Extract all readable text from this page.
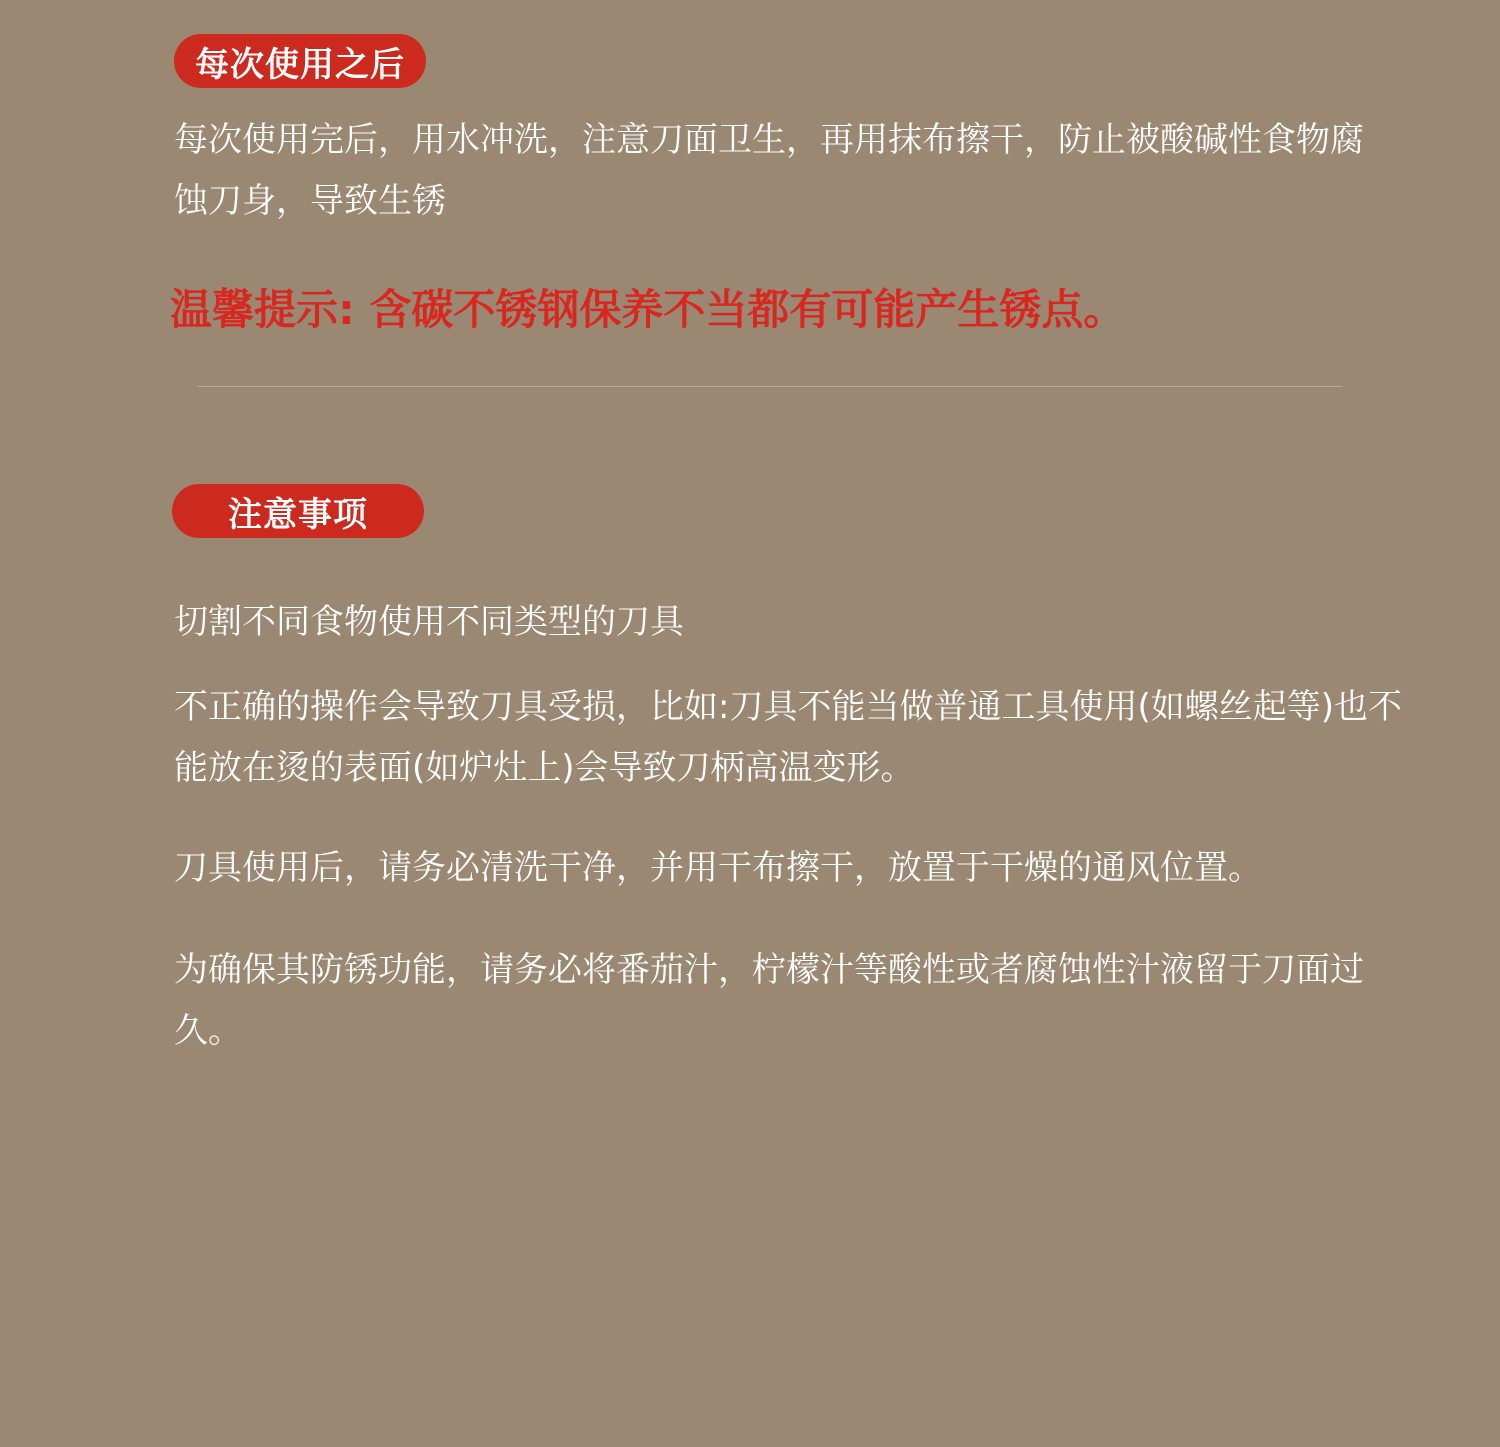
每次使用之后

每次使用完后，用水冲洗，注意刀面卫生，再用抹布擦干，防止被酸碱性食物腐蚀刀身，导致生锈

温馨提示: 含碳不锈钢保养不当都有可能产生锈点。

注意事项

切割不同食物使用不同类型的刀具

不正确的操作会导致刀具受损，比如:刀具不能当做普通工具使用(如螺丝起等)也不能放在烫的表面(如炉灶上)会导致刀柄高温变形。

刀具使用后，请务必清洗干净，并用干布擦干，放置于干燥的通风位置。

为确保其防锈功能，请务必将番茄汁，柠檬汁等酸性或者腐蚀性汁液留于刀面过久。
